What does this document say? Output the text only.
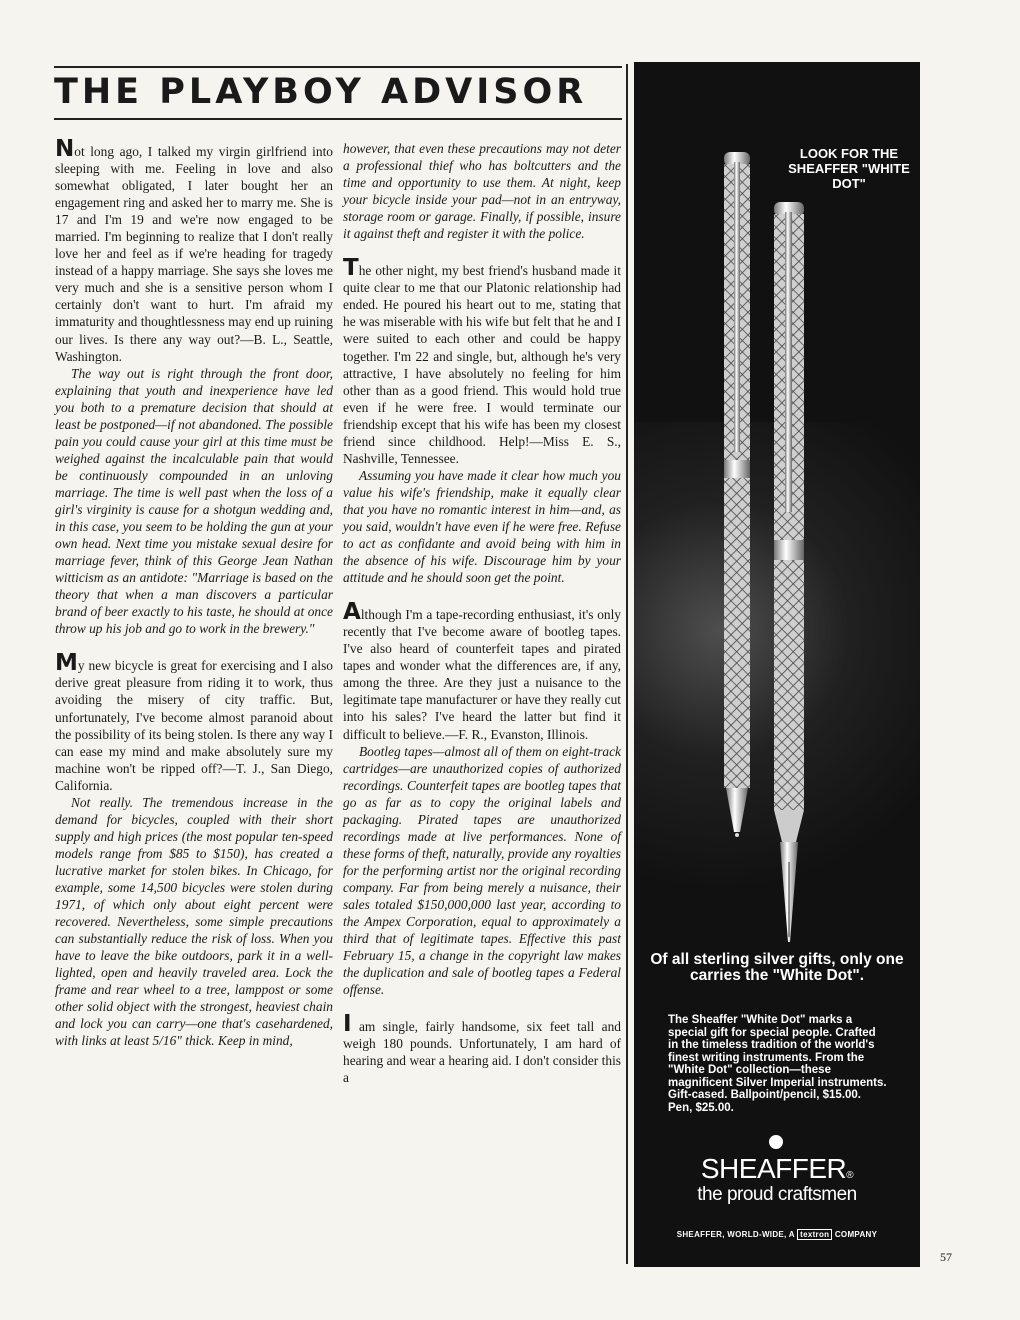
THE PLAYBOY ADVISOR

Not long ago, I talked my virgin girlfriend into sleeping with me. Feeling in love and also somewhat obligated, I later bought her an engagement ring and asked her to marry me. She is 17 and I'm 19 and we're now engaged to be married. I'm beginning to realize that I don't really love her and feel as if we're heading for tragedy instead of a happy marriage. She says she loves me very much and she is a sensitive person whom I certainly don't want to hurt. I'm afraid my immaturity and thoughtlessness may end up ruining our lives. Is there any way out?—B. L., Seattle, Washington.

The way out is right through the front door, explaining that youth and inexperience have led you both to a premature decision that should at least be postponed—if not abandoned. The possible pain you could cause your girl at this time must be weighed against the incalculable pain that would be continuously compounded in an unloving marriage. The time is well past when the loss of a girl's virginity is cause for a shotgun wedding and, in this case, you seem to be holding the gun at your own head. Next time you mistake sexual desire for marriage fever, think of this George Jean Nathan witticism as an antidote: "Marriage is based on the theory that when a man discovers a particular brand of beer exactly to his taste, he should at once throw up his job and go to work in the brewery."

My new bicycle is great for exercising and I also derive great pleasure from riding it to work, thus avoiding the misery of city traffic. But, unfortunately, I've become almost paranoid about the possibility of its being stolen. Is there any way I can ease my mind and make absolutely sure my machine won't be ripped off?—T. J., San Diego, California.

Not really. The tremendous increase in the demand for bicycles, coupled with their short supply and high prices (the most popular ten-speed models range from $85 to $150), has created a lucrative market for stolen bikes. In Chicago, for example, some 14,500 bicycles were stolen during 1971, of which only about eight percent were recovered. Nevertheless, some simple precautions can substantially reduce the risk of loss. When you have to leave the bike outdoors, park it in a well-lighted, open and heavily traveled area. Lock the frame and rear wheel to a tree, lamppost or some other solid object with the strongest, heaviest chain and lock you can carry—one that's casehardened, with links at least 5/16" thick. Keep in mind,

however, that even these precautions may not deter a professional thief who has boltcutters and the time and opportunity to use them. At night, keep your bicycle inside your pad—not in an entryway, storage room or garage. Finally, if possible, insure it against theft and register it with the police.

The other night, my best friend's husband made it quite clear to me that our Platonic relationship had ended. He poured his heart out to me, stating that he was miserable with his wife but felt that he and I were suited to each other and could be happy together. I'm 22 and single, but, although he's very attractive, I have absolutely no feeling for him other than as a good friend. This would hold true even if he were free. I would terminate our friendship except that his wife has been my closest friend since childhood. Help!—Miss E. S., Nashville, Tennessee.

Assuming you have made it clear how much you value his wife's friendship, make it equally clear that you have no romantic interest in him—and, as you said, wouldn't have even if he were free. Refuse to act as confidante and avoid being with him in the absence of his wife. Discourage him by your attitude and he should soon get the point.

Although I'm a tape-recording enthusiast, it's only recently that I've become aware of bootleg tapes. I've also heard of counterfeit tapes and pirated tapes and wonder what the differences are, if any, among the three. Are they just a nuisance to the legitimate tape manufacturer or have they really cut into his sales? I've heard the latter but find it difficult to believe.—F. R., Evanston, Illinois.

Bootleg tapes—almost all of them on eight-track cartridges—are unauthorized copies of authorized recordings. Counterfeit tapes are bootleg tapes that go as far as to copy the original labels and packaging. Pirated tapes are unauthorized recordings made at live performances. None of these forms of theft, naturally, provide any royalties for the performing artist nor the original recording company. Far from being merely a nuisance, their sales totaled $150,000,000 last year, according to the Ampex Corporation, equal to approximately a third that of legitimate tapes. Effective this past February 15, a change in the copyright law makes the duplication and sale of bootleg tapes a Federal offense.

I am single, fairly handsome, six feet tall and weigh 180 pounds. Unfortunately, I am hard of hearing and wear a hearing aid. I don't consider this a

LOOK FOR THE SHEAFFER "WHITE DOT"
Of all sterling silver gifts, only one carries the "White Dot".
The Sheaffer "White Dot" marks a special gift for special people. Crafted in the timeless tradition of the world's finest writing instruments. From the "White Dot" collection—these magnificent Silver Imperial instruments. Gift-cased. Ballpoint/pencil, $15.00. Pen, $25.00.
SHEAFFER®
the proud craftsmen
SHEAFFER, WORLD-WIDE, A textron COMPANY
57
